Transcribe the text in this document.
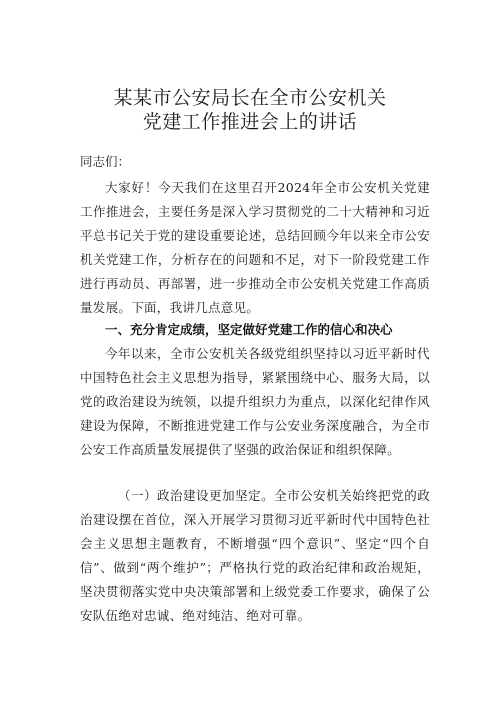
某某市公安局长在全市公安机关
党建工作推进会上的讲话
同志们：
大家好！今天我们在这里召开2024年全市公安机关党建工作推进会，主要任务是深入学习贯彻党的二十大精神和习近平总书记关于党的建设重要论述，总结回顾今年以来全市公安机关党建工作，分析存在的问题和不足，对下一阶段党建工作进行再动员、再部署，进一步推动全市公安机关党建工作高质量发展。下面，我讲几点意见。
一、充分肯定成绩，坚定做好党建工作的信心和决心
今年以来，全市公安机关各级党组织坚持以习近平新时代中国特色社会主义思想为指导，紧紧围绕中心、服务大局，以党的政治建设为统领，以提升组织力为重点，以深化纪律作风建设为保障，不断推进党建工作与公安业务深度融合，为全市公安工作高质量发展提供了坚强的政治保证和组织保障。
（一）政治建设更加坚定。全市公安机关始终把党的政治建设摆在首位，深入开展学习贯彻习近平新时代中国特色社会主义思想主题教育，不断增强“四个意识”、坚定“四个自信”、做到“两个维护”；严格执行党的政治纪律和政治规矩，坚决贯彻落实党中央决策部署和上级党委工作要求，确保了公安队伍绝对忠诚、绝对纯洁、绝对可靠。
